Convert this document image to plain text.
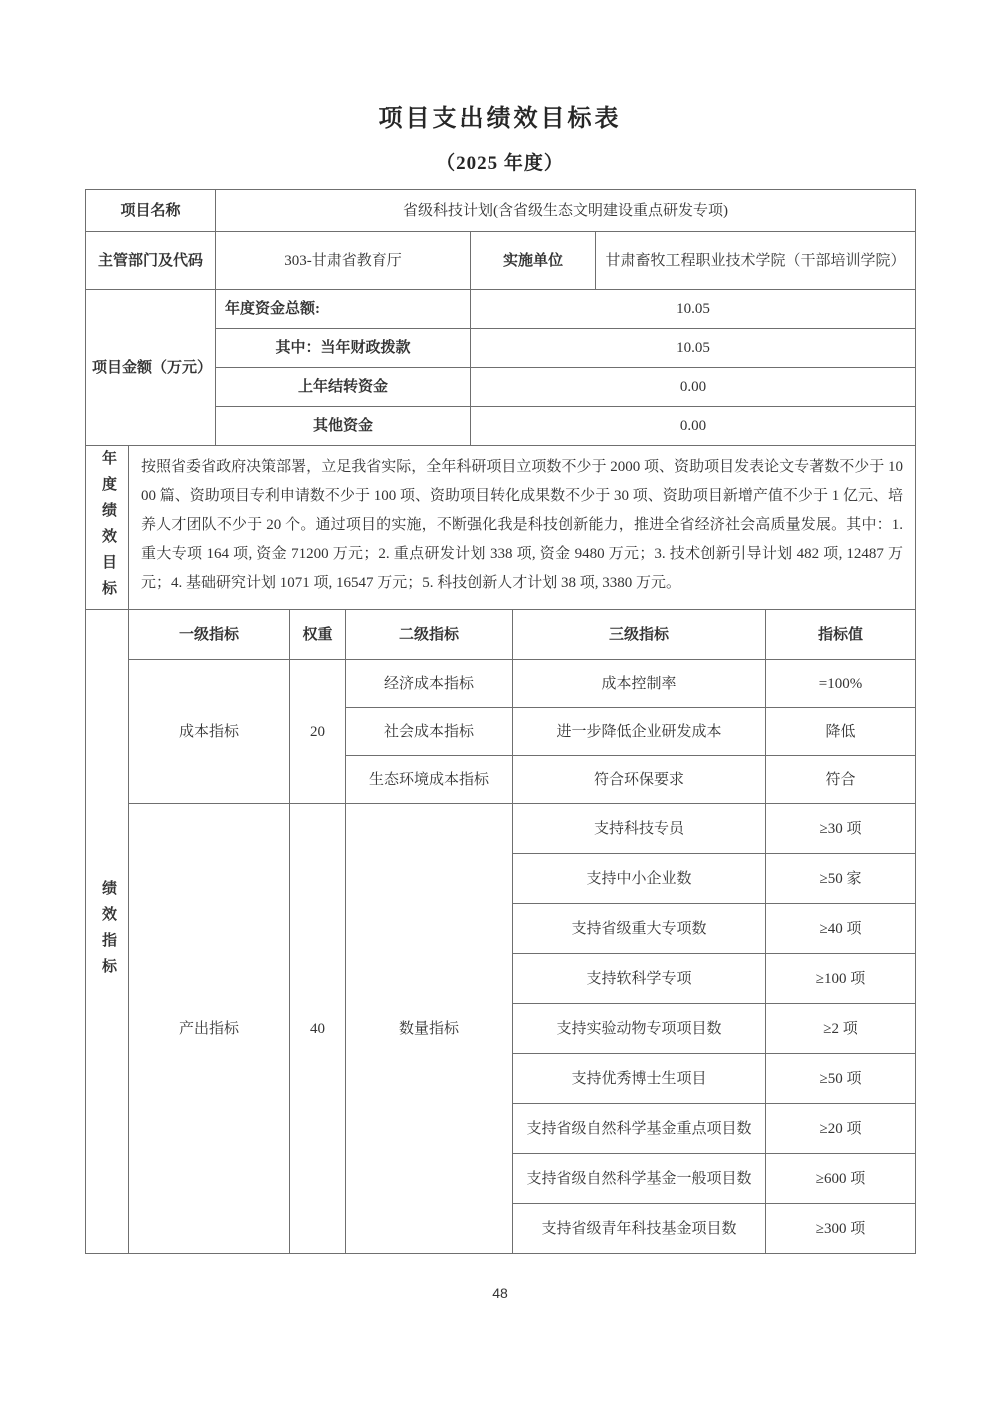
项目支出绩效目标表
（2025 年度）
项目名称		省级科技计划(含省级生态文明建设重点研发专项)						
主管部门及代码		303-甘肃省教育厅			实施单位		甘肃畜牧工程职业技术学院（干部培训学院）	
项目金额（万元）		年度资金总额:			10.05			
		其中：当年财政拨款			10.05			
		上年结转资金			0.00			
		其他资金			0.00			

年度绩效目标	按照省委省政府决策部署，立足我省实际，全年科研项目立项数不少于 2000 项、资助项目发表论文专著数不少于 1000 篇、资助项目专利申请数不少于 100 项、资助项目转化成果数不少于 30 项、资助项目新增产值不少于 1 亿元、培养人才团队不少于 20 个。通过项目的实施，不断强化我是科技创新能力，推进全省经济社会高质量发展。其中：1. 重大专项 164 项, 资金 71200 万元；2. 重点研发计划 338 项, 资金 9480 万元；3. 技术创新引导计划 482 项, 12487 万元；4. 基础研究计划 1071 项, 16547 万元；5. 科技创新人才计划 38 项, 3380 万元。							

绩效指标	一级指标		权重	二级指标		三级指标		指标值
	成本指标		20	经济成本指标		成本控制率		=100%
				社会成本指标		进一步降低企业研发成本		降低
				生态环境成本指标		符合环保要求		符合
	产出指标		40	数量指标		支持科技专员		≥30 项
						支持中小企业数		≥50 家
						支持省级重大专项数		≥40 项
						支持软科学专项		≥100 项
						支持实验动物专项项目数		≥2 项
						支持优秀博士生项目		≥50 项
						支持省级自然科学基金重点项目数		≥20 项
						支持省级自然科学基金一般项目数		≥600 项
						支持省级青年科技基金项目数		≥300 项
48
